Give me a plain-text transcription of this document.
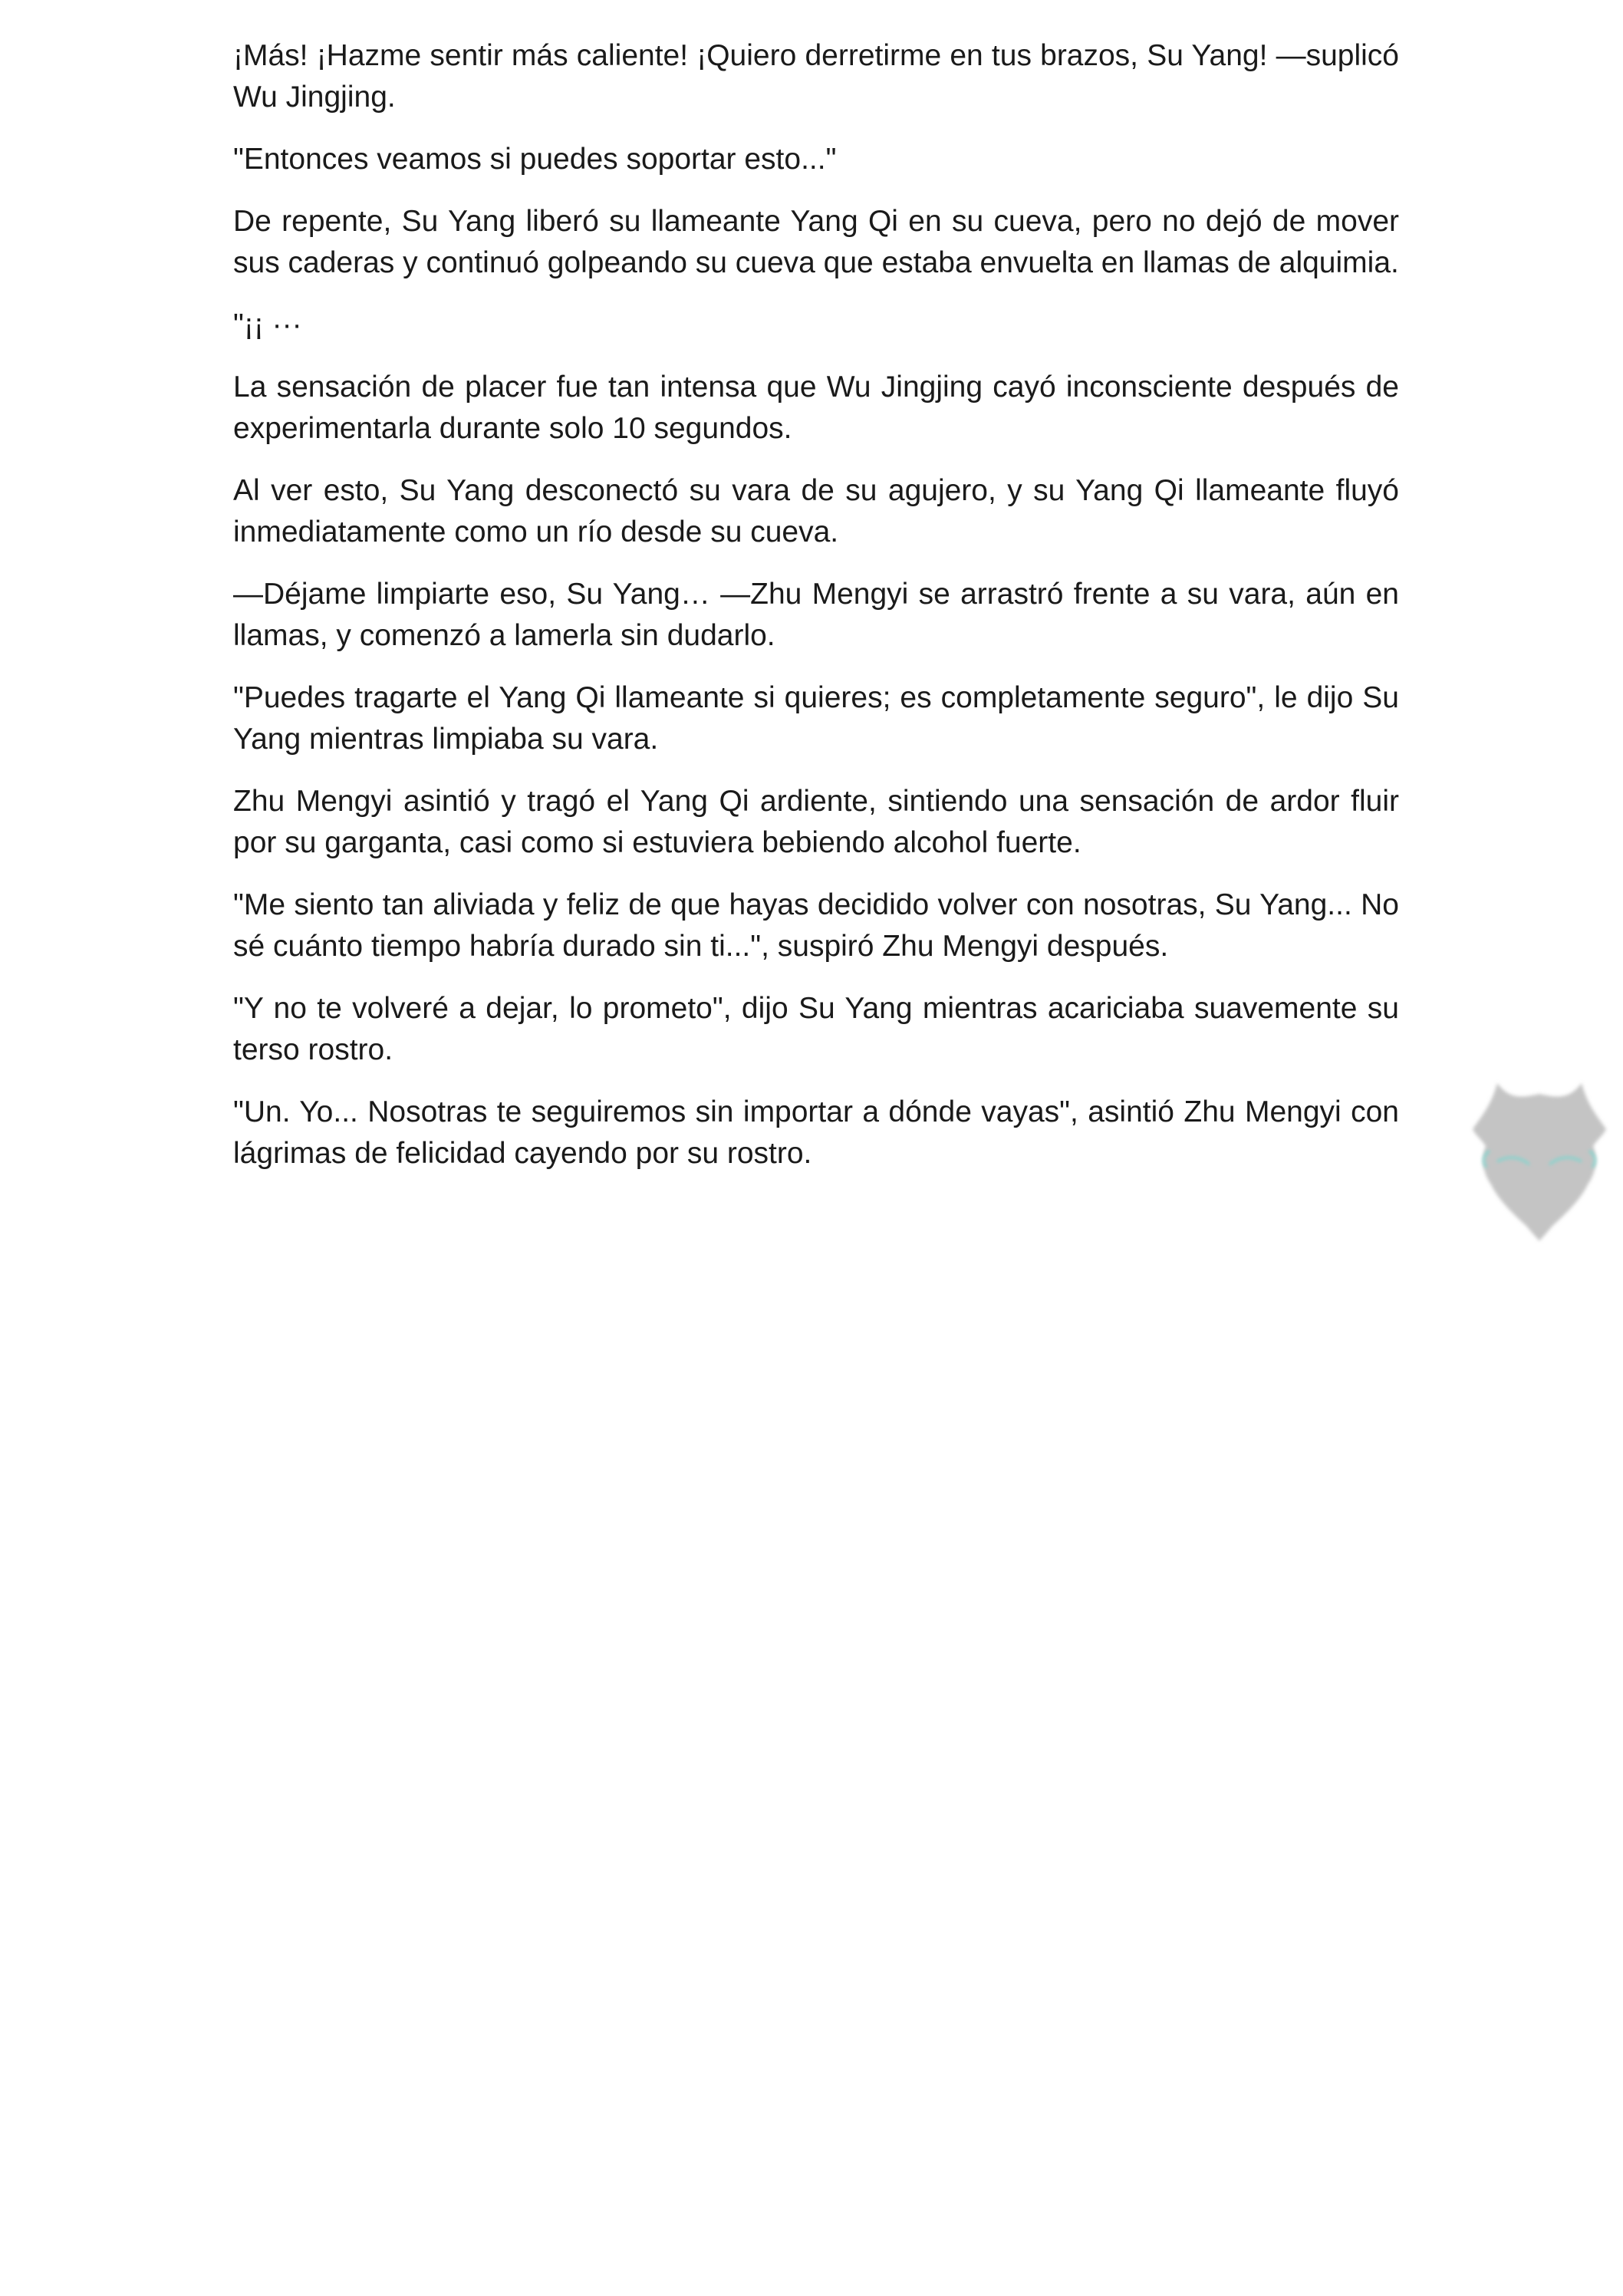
¡Más! ¡Hazme sentir más caliente! ¡Quiero derretirme en tus brazos, Su Yang! —suplicó Wu Jingjing.

"Entonces veamos si puedes soportar esto..."

De repente, Su Yang liberó su llameante Yang Qi en su cueva, pero no dejó de mover sus caderas y continuó golpeando su cueva que estaba envuelta en llamas de alquimia.

"¡¡ ···

La sensación de placer fue tan intensa que Wu Jingjing cayó inconsciente después de experimentarla durante solo 10 segundos.

Al ver esto, Su Yang desconectó su vara de su agujero, y su Yang Qi llameante fluyó inmediatamente como un río desde su cueva.

—Déjame limpiarte eso, Su Yang… —Zhu Mengyi se arrastró frente a su vara, aún en llamas, y comenzó a lamerla sin dudarlo.

"Puedes tragarte el Yang Qi llameante si quieres; es completamente seguro", le dijo Su Yang mientras limpiaba su vara.

Zhu Mengyi asintió y tragó el Yang Qi ardiente, sintiendo una sensación de ardor fluir por su garganta, casi como si estuviera bebiendo alcohol fuerte.

"Me siento tan aliviada y feliz de que hayas decidido volver con nosotras, Su Yang... No sé cuánto tiempo habría durado sin ti...", suspiró Zhu Mengyi después.

"Y no te volveré a dejar, lo prometo", dijo Su Yang mientras acariciaba suavemente su terso rostro.

"Un. Yo... Nosotras te seguiremos sin importar a dónde vayas", asintió Zhu Mengyi con lágrimas de felicidad cayendo por su rostro.
